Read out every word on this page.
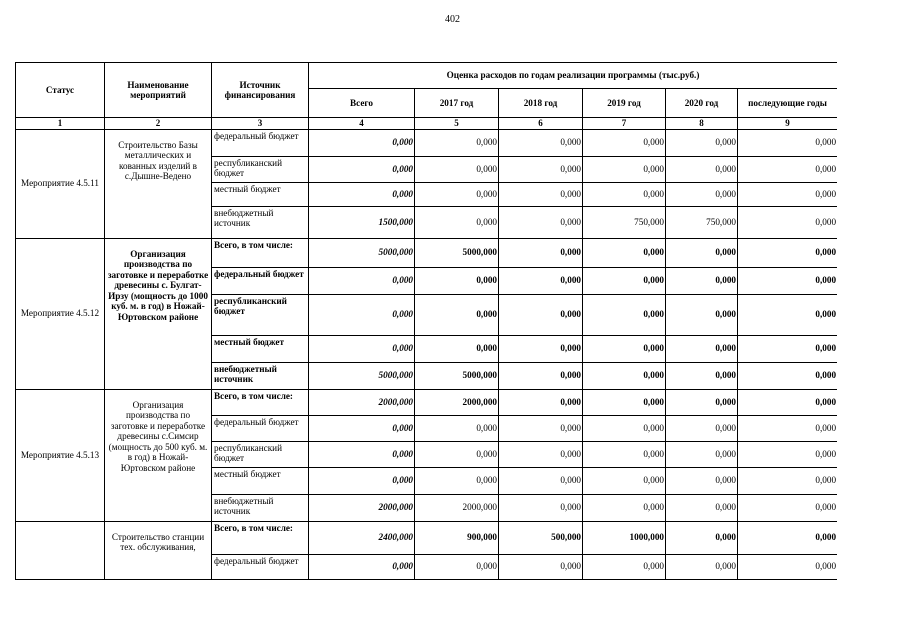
402
Статус	Наименование мероприятий	Источник финансирования	Оценка расходов по годам реализации программы (тыс.руб.)					
			Всего	2017 год	2018 год	2019 год	2020 год	последующие годы
1	2	3	4	5	6	7	8	9
Мероприятие 4.5.11	Строительство Базы металлических и кованных изделий в с.Дышне-Ведено	федеральный бюджет	0,000	0,000	0,000	0,000	0,000	0,000
		республиканский бюджет	0,000	0,000	0,000	0,000	0,000	0,000
		местный бюджет	0,000	0,000	0,000	0,000	0,000	0,000
		внебюджетный источник	1500,000	0,000	0,000	750,000	750,000	0,000
Мероприятие 4.5.12	Организация производства по заготовке и переработке древесины с. Булгат-Ирзу (мощность до 1000 куб. м. в год) в Ножай-Юртовском районе	Всего, в том числе:	5000,000	5000,000	0,000	0,000	0,000	0,000
		федеральный бюджет	0,000	0,000	0,000	0,000	0,000	0,000
		республиканский бюджет	0,000	0,000	0,000	0,000	0,000	0,000
		местный бюджет	0,000	0,000	0,000	0,000	0,000	0,000
		внебюджетный источник	5000,000	5000,000	0,000	0,000	0,000	0,000
Мероприятие 4.5.13	Организация производства по заготовке и переработке древесины с.Симсир (мощность до 500 куб. м. в год) в Ножай-Юртовском районе	Всего, в том числе:	2000,000	2000,000	0,000	0,000	0,000	0,000
		федеральный бюджет	0,000	0,000	0,000	0,000	0,000	0,000
		республиканский бюджет	0,000	0,000	0,000	0,000	0,000	0,000
		местный бюджет	0,000	0,000	0,000	0,000	0,000	0,000
		внебюджетный источник	2000,000	2000,000	0,000	0,000	0,000	0,000
	Строительство станции тех. обслуживания,	Всего, в том числе:	2400,000	900,000	500,000	1000,000	0,000	0,000
		федеральный бюджет	0,000	0,000	0,000	0,000	0,000	0,000
